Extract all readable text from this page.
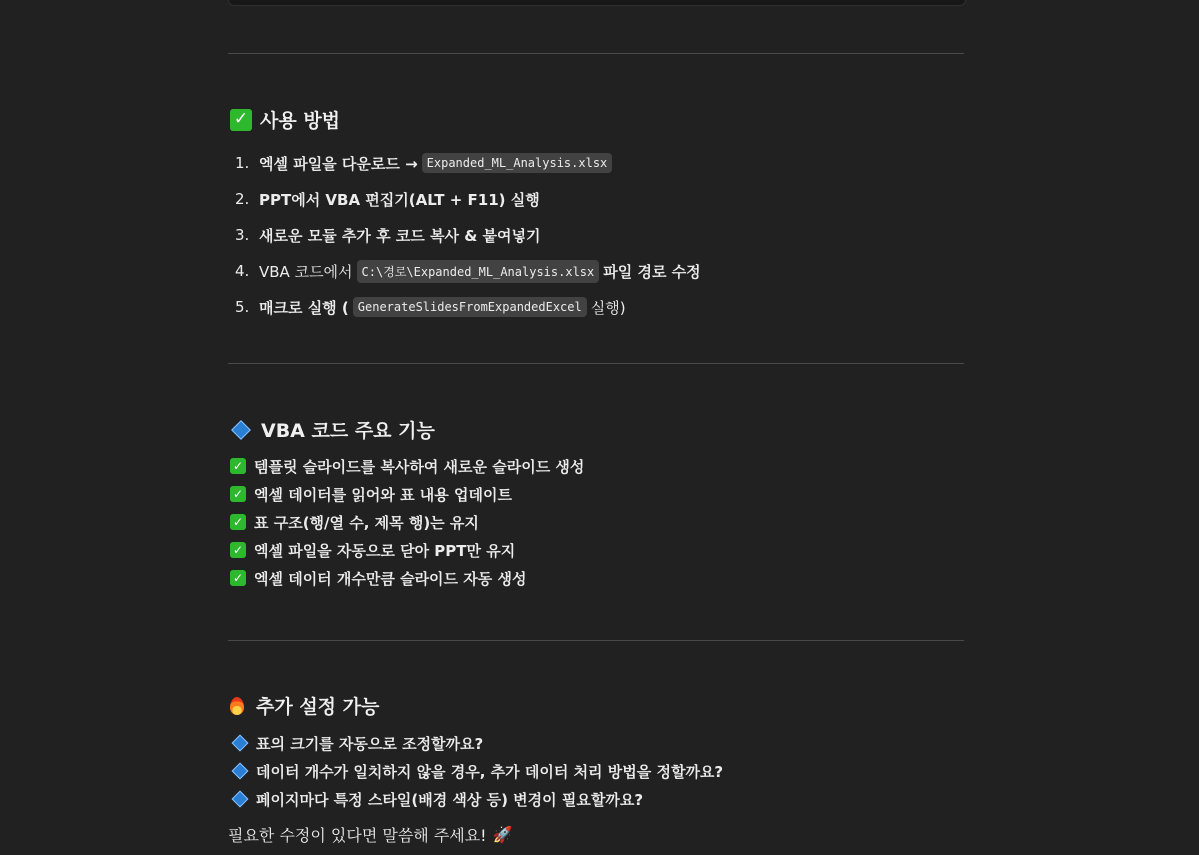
✓ 사용 방법
1. 엑셀 파일을 다운로드 → Expanded_ML_Analysis.xlsx
2. PPT에서 VBA 편집기(ALT + F11) 실행
3. 새로운 모듈 추가 후 코드 복사 & 붙여넣기
4. VBA 코드에서 C:\경로\Expanded_ML_Analysis.xlsx 파일 경로 수정
5. 매크로 실행 ( GenerateSlidesFromExpandedExcel 실행)
VBA 코드 주요 기능
✓ 템플릿 슬라이드를 복사하여 새로운 슬라이드 생성
✓ 엑셀 데이터를 읽어와 표 내용 업데이트
✓ 표 구조(행/열 수, 제목 행)는 유지
✓ 엑셀 파일을 자동으로 닫아 PPT만 유지
✓ 엑셀 데이터 개수만큼 슬라이드 자동 생성
추가 설정 가능
표의 크기를 자동으로 조정할까요?
데이터 개수가 일치하지 않을 경우, 추가 데이터 처리 방법을 정할까요?
페이지마다 특정 스타일(배경 색상 등) 변경이 필요할까요?
필요한 수정이 있다면 말씀해 주세요! 🚀
